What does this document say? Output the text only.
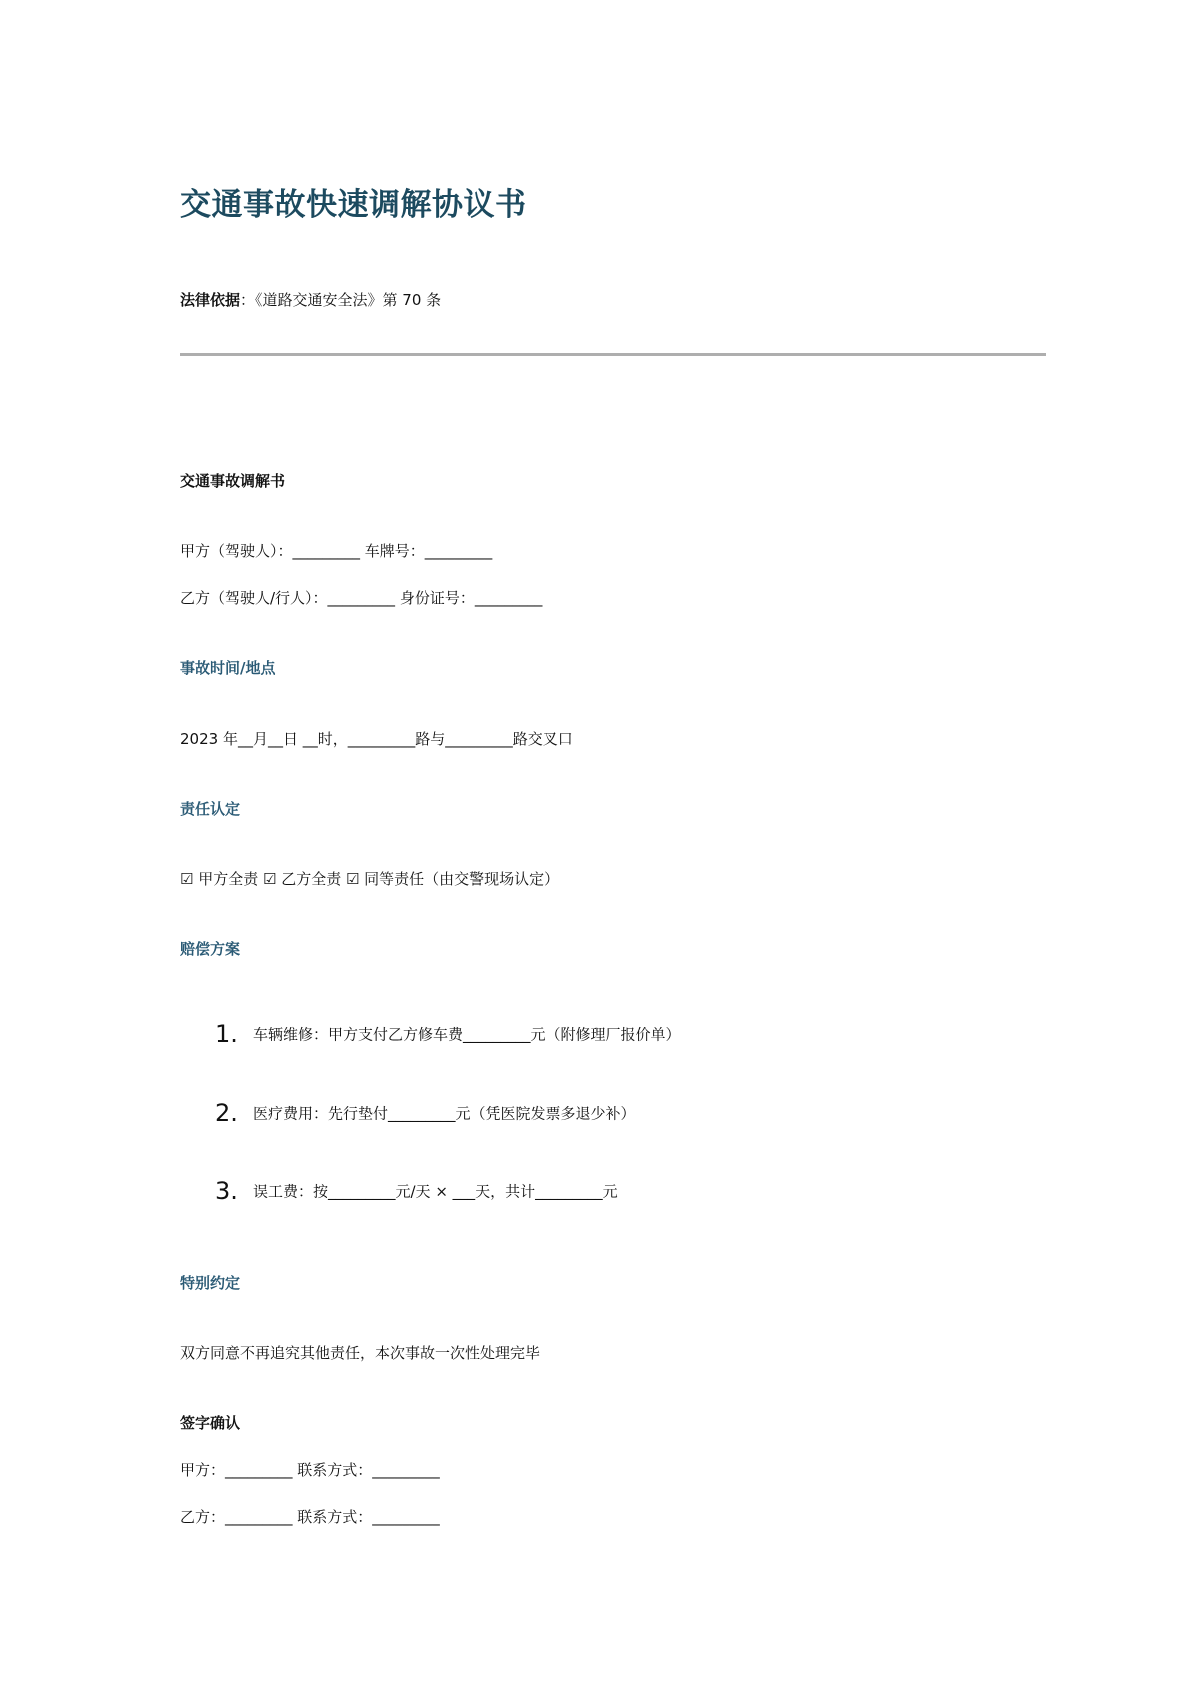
交通事故快速调解协议书
法律依据：《道路交通安全法》第 70 条
交通事故调解书
甲方（驾驶人）：_________ 车牌号：_________
乙方（驾驶人/行人）：_________ 身份证号：_________
事故时间/地点
2023 年__月__日 __时，_________路与_________路交叉口
责任认定
☑ 甲方全责 ☑ 乙方全责 ☑ 同等责任（由交警现场认定）
赔偿方案
1. 车辆维修：甲方支付乙方修车费_________元（附修理厂报价单）
2. 医疗费用：先行垫付_________元（凭医院发票多退少补）
3. 误工费：按_________元/天 × ___天，共计_________元
特别约定
双方同意不再追究其他责任，本次事故一次性处理完毕
签字确认
甲方：_________ 联系方式：_________
乙方：_________ 联系方式：_________
